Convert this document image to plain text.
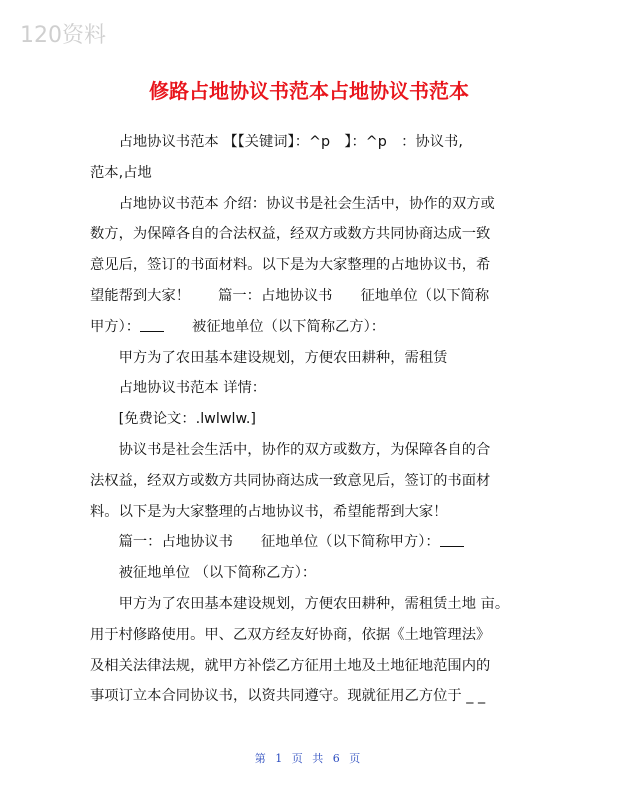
120资料
修路占地协议书范本占地协议书范本

占地协议书范本 【【关键词】：^p　】：^p　：协议书,

范本,占地

占地协议书范本 介绍：协议书是社会生活中，协作的双方或

数方，为保障各自的合法权益，经双方或数方共同协商达成一致

意见后，签订的书面材料。以下是为大家整理的占地协议书，希

望能帮到大家！ 篇一：占地协议书 征地单位（以下简称

甲方）：	被征地单位（以下简称乙方）：

甲方为了农田基本建设规划，方便农田耕种，需租赁

占地协议书范本 详情：

[免费论文：.lwlwlw.]

协议书是社会生活中，协作的双方或数方，为保障各自的合

法权益，经双方或数方共同协商达成一致意见后，签订的书面材

料。以下是为大家整理的占地协议书，希望能帮到大家！

篇一：占地协议书 征地单位（以下简称甲方）：

被征地单位 （以下简称乙方）：

甲方为了农田基本建设规划，方便农田耕种，需租赁土地 亩。

用于村修路使用。甲、乙双方经友好协商，依据《土地管理法》

及相关法律法规，就甲方补偿乙方征用土地及土地征地范围内的

事项订立本合同协议书，以资共同遵守。现就征用乙方位于 _ _

第 1 页 共 6 页
